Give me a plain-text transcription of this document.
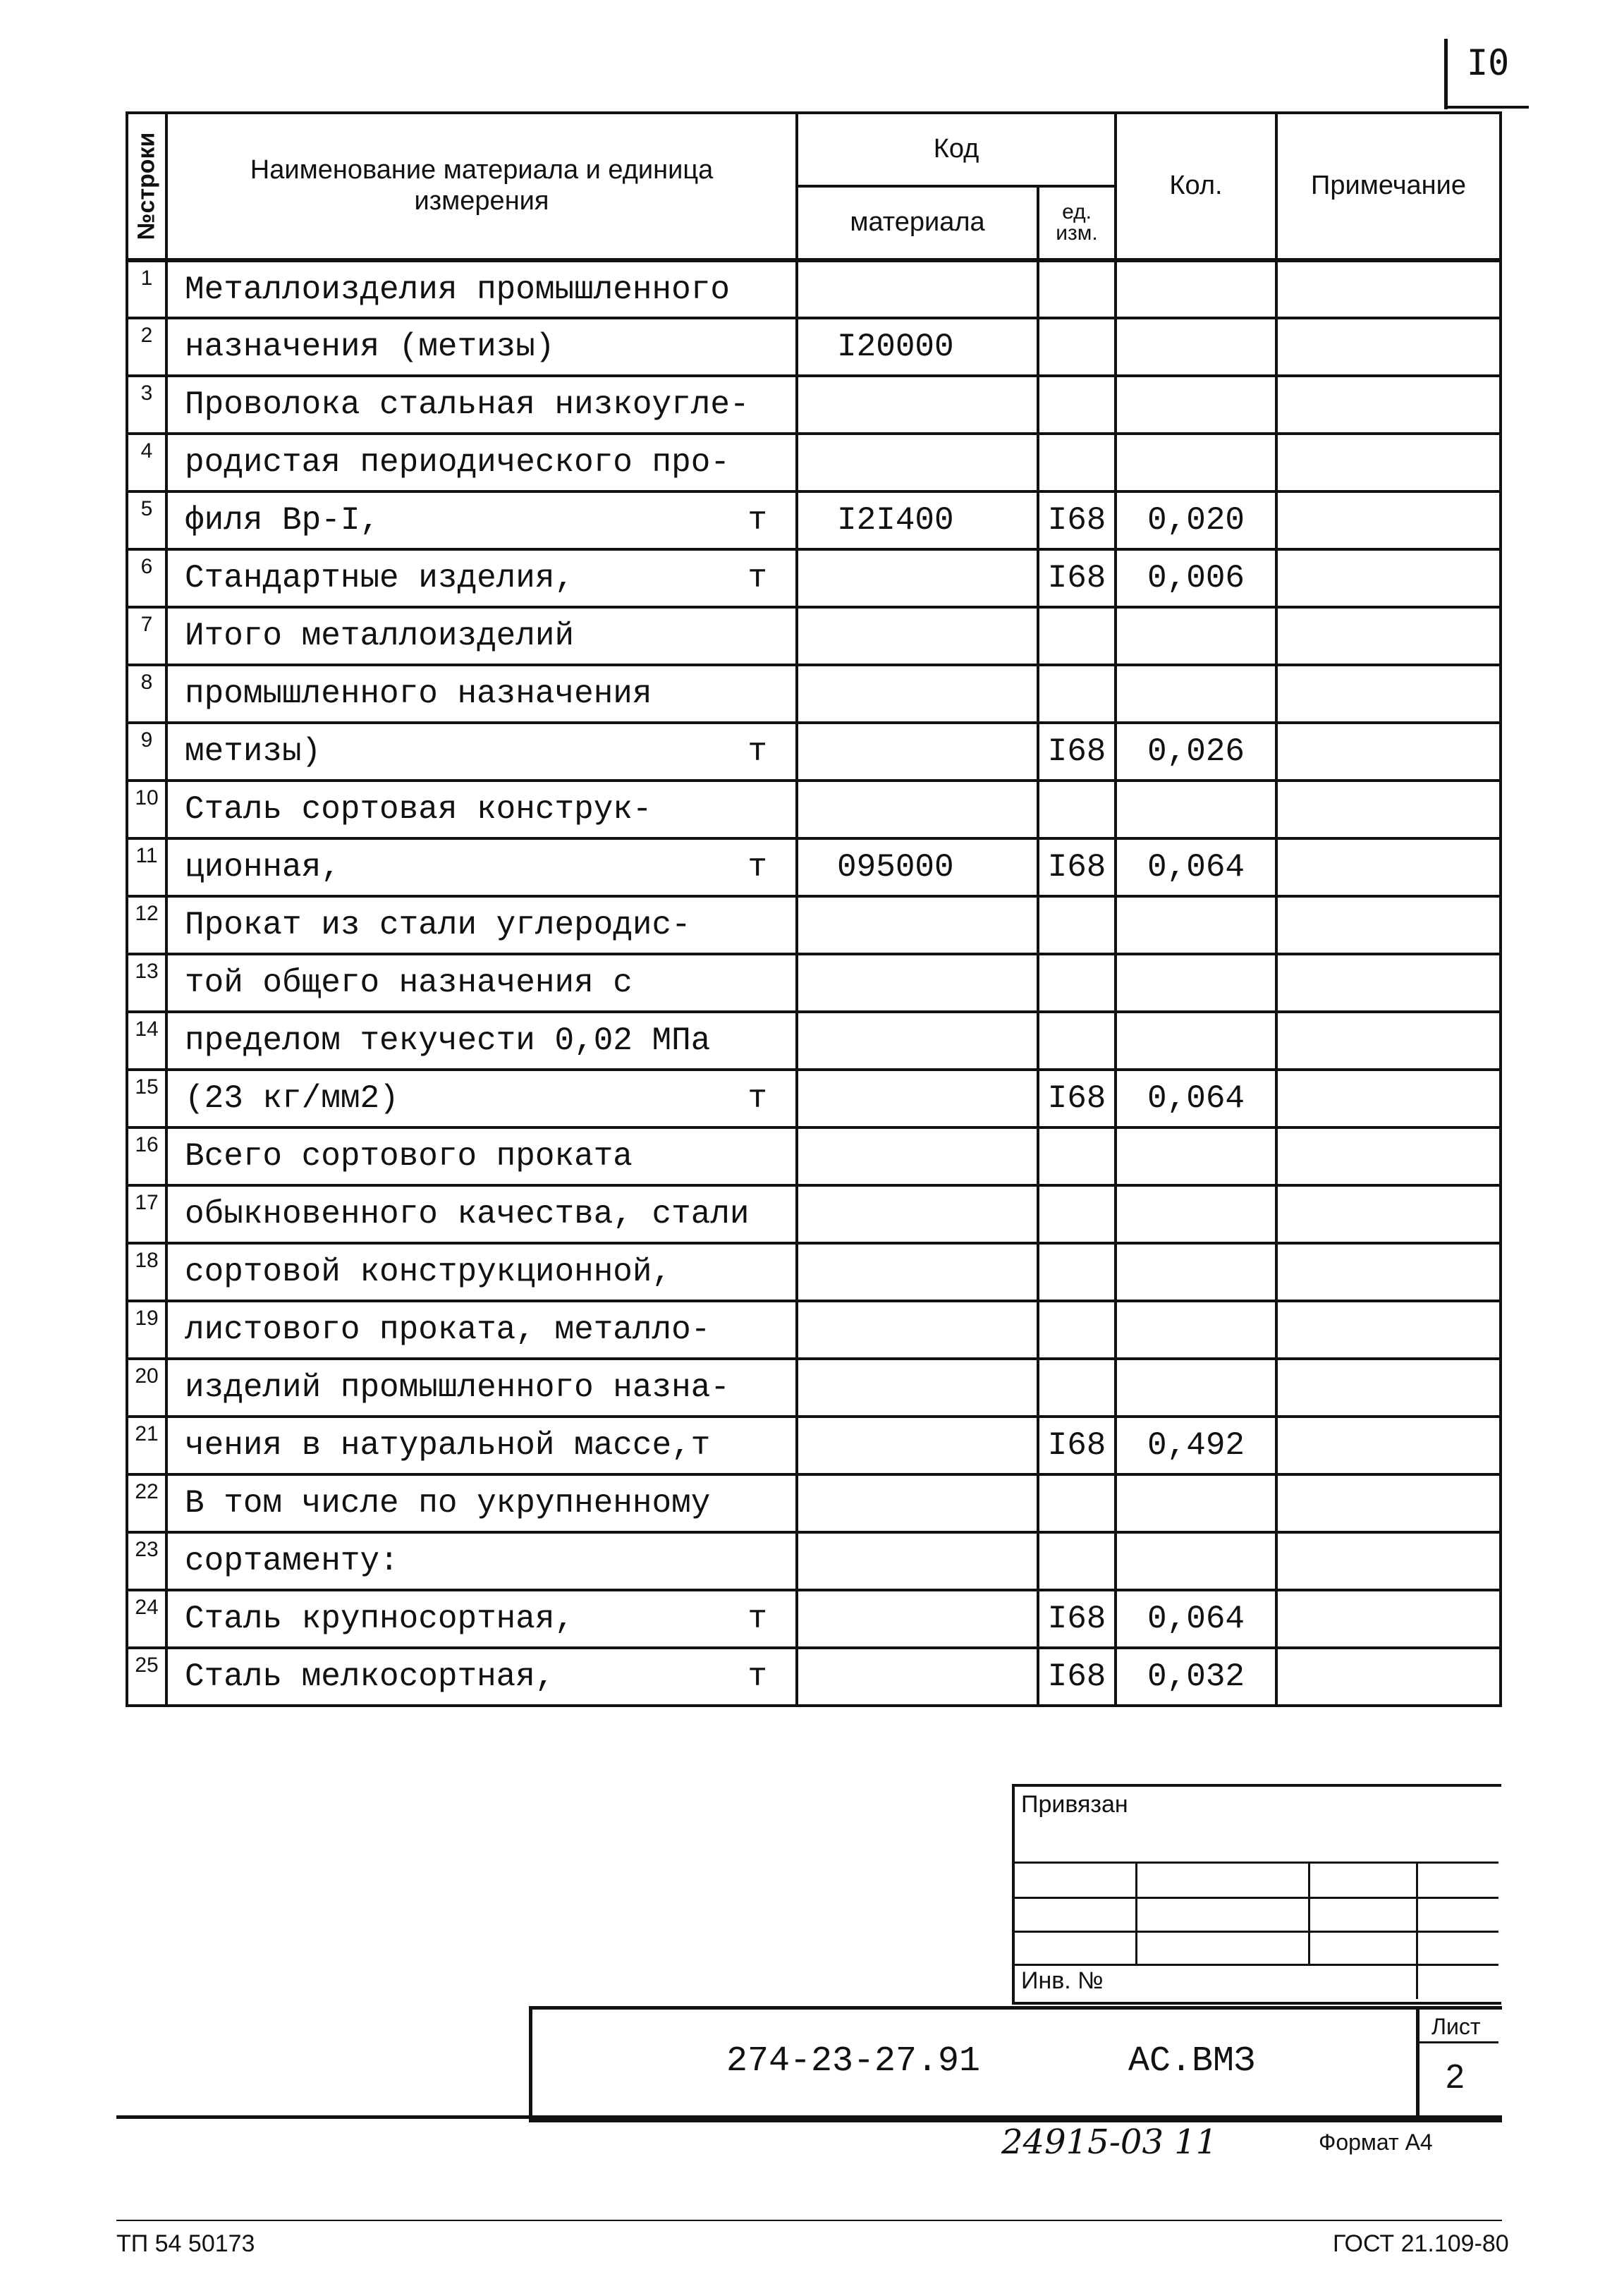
I0
№строки	Наименование материала и единица измерения	Код		Кол.	Примечание
		материала	ед. изм.		
1	Металлоизделия промышленного

2	назначения (метизы)	I20000			
3	Проволока стальная низкоугле-

4	родистая периодического про-

5	филя Вр-I, т	I2I400	I68	0,020	
6	Стандартные изделия, т		I68	0,006	
7	Итого металлоизделий

8	промышленного назначения

9	метизы) т		I68	0,026	
10	Сталь сортовая конструк-

11	ционная, т	095000	I68	0,064	
12	Прокат из стали углеродис-

13	той общего назначения с

14	пределом текучести 0,02 МПа

15	(23 кг/мм2) т		I68	0,064	
16	Всего сортового проката

17	обыкновенного качества, стали

18	сортовой конструкционной,

19	листового проката, металло-

20	изделий промышленного назна-

21	чения в натуральной массе,т		I68	0,492	
22	В том числе по укрупненному

23	сортаменту:

24	Сталь крупносортная, т		I68	0,064	
25	Сталь мелкосортная, т		I68	0,032	
Привязан
Инв. №
274-23-27.91	АС.ВМЗ
Лист
2
24915-03 11	Формат А4
ТП 54 50173	ГОСТ 21.109-80
